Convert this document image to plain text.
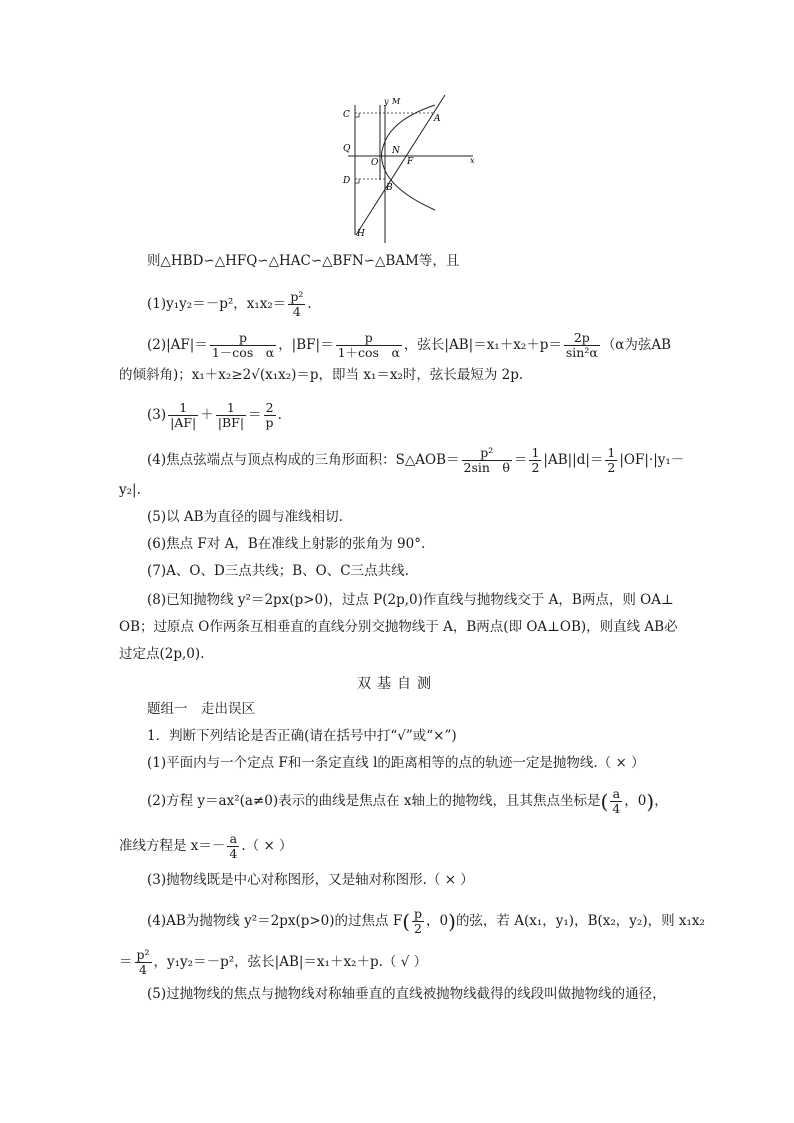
C
Q
D
O
N
F
A
B
H
y M
x
则△HBD∽△HFQ∽△HAC∽△BFN∽△BAM等，且
(1)y₁y₂＝－p²，$x_1x_2= \frac{\text{p²}}{4}$ .
$(2)|AF|= \frac{p}{\text{1－cos　α}}$ ，$|BF|= \frac{p}{\text{1＋cos　α}}$ ，弦长$|AB|=x_1+x_2+p= \frac{2p}{\text{sin²α}} (\alpha$为弦AB
的倾斜角)；x₁＋x₂≥2√(x₁x₂)＝p，即当 x₁＝x₂时，弦长最短为 2p.
$(3) \frac{1}{|AF|} + \frac{1}{|BF|} = \frac{2}{p}$ .
(4)焦点弦端点与顶点构成的三角形面积：S△AOB＝ $\frac{\text{p²}}{\text{2sin　θ}} = \frac{1}{2} |AB||d|= \frac{1}{2} |OF|\cdot|y_1-$
y₂|.
(5)以 AB为直径的圆与准线相切.
(6)焦点 F对 A，B在准线上射影的张角为 90°.
(7)A、O、D三点共线；B、O、C三点共线.
(8)已知抛物线 y²＝2px(p>0)，过点 P(2p,0)作直线与抛物线交于 A，B两点，则 OA⊥
OB；过原点 O作两条互相垂直的直线分别交抛物线于 A，B两点(即 OA⊥OB)，则直线 AB必
过定点(2p,0).
双基自测
题组一　走出误区
1．判断下列结论是否正确(请在括号中打“√”或“×”)
(1)平面内与一个定点 F和一条定直线 l的距离相等的点的轨迹一定是抛物线.（ × ）
(2)方程 y＝ax²(a≠0)表示的曲线是焦点在 x轴上的抛物线，且其焦点坐标是( $\frac{a}{4}$ ，0)，
准线方程是 $x=- \frac{a}{4}$ .（ × ）
(3)抛物线既是中心对称图形，又是轴对称图形.（ × ）
(4)AB为抛物线 y²＝2px(p>0)的过焦点 $F( \frac{p}{2}$ ，0)的弦，若 A(x₁，y₁)，B(x₂，y₂)，则 x₁x₂
＝ $\frac{\text{p²}}{4}$ ，y₁y₂＝－p²，弦长|AB|＝x₁＋x₂＋p.（ √ ）
(5)过抛物线的焦点与抛物线对称轴垂直的直线被抛物线截得的线段叫做抛物线的通径，
